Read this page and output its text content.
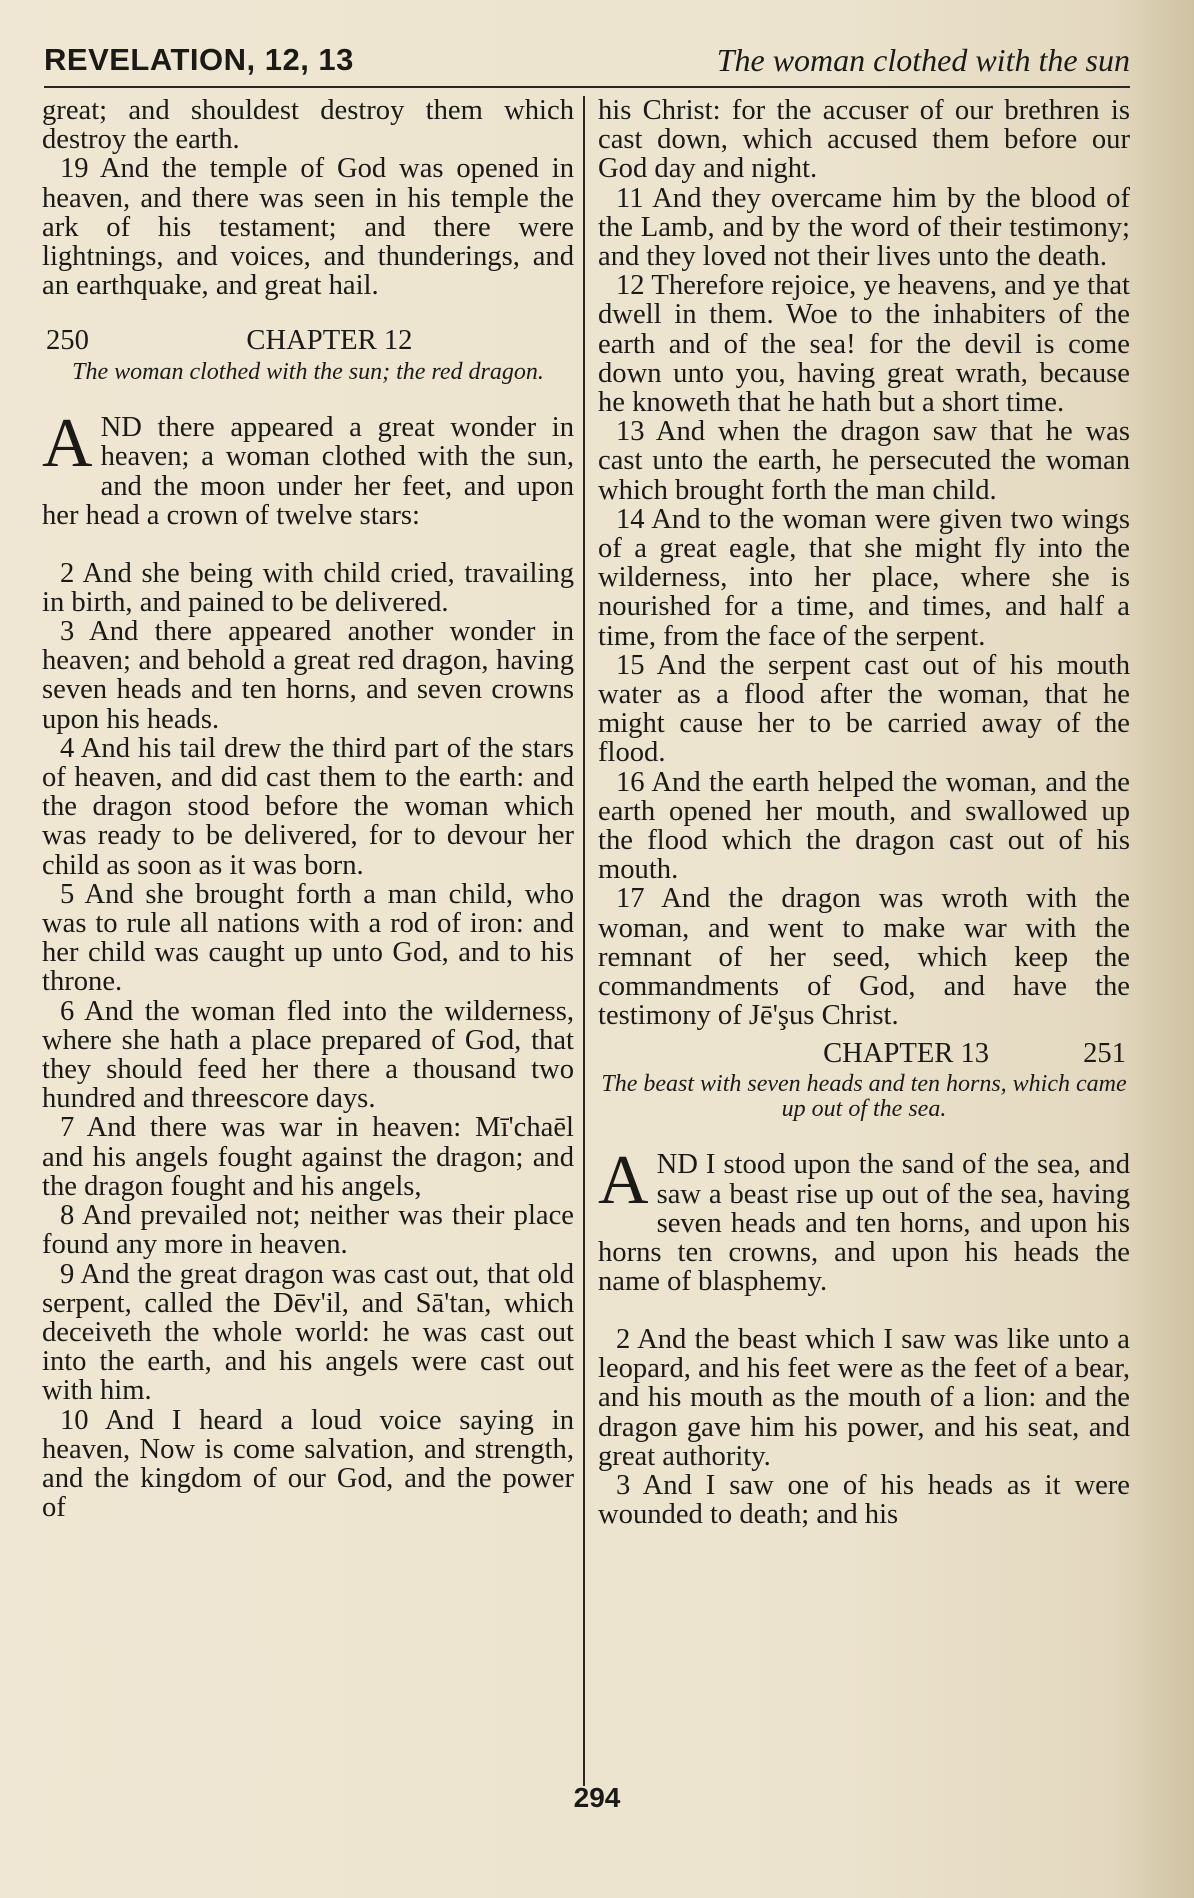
REVELATION, 12, 13	The woman clothed with the sun

great; and shouldest destroy them which destroy the earth.

19 And the temple of God was opened in heaven, and there was seen in his temple the ark of his testament; and there were lightnings, and voices, and thunderings, and an earthquake, and great hail.

250	CHAPTER 12
The woman clothed with the sun; the red dragon.

AND there appeared a great wonder in heaven; a woman clothed with the sun, and the moon under her feet, and upon her head a crown of twelve stars:

2 And she being with child cried, travailing in birth, and pained to be delivered.

3 And there appeared another wonder in heaven; and behold a great red dragon, having seven heads and ten horns, and seven crowns upon his heads.

4 And his tail drew the third part of the stars of heaven, and did cast them to the earth: and the dragon stood before the woman which was ready to be delivered, for to devour her child as soon as it was born.

5 And she brought forth a man child, who was to rule all nations with a rod of iron: and her child was caught up unto God, and to his throne.

6 And the woman fled into the wilderness, where she hath a place prepared of God, that they should feed her there a thousand two hundred and threescore days.

7 And there was war in heaven: Mī'chaēl and his angels fought against the dragon; and the dragon fought and his angels,

8 And prevailed not; neither was their place found any more in heaven.

9 And the great dragon was cast out, that old serpent, called the Dēv'il, and Sā'tan, which deceiveth the whole world: he was cast out into the earth, and his angels were cast out with him.

10 And I heard a loud voice saying in heaven, Now is come salvation, and strength, and the kingdom of our God, and the power of

his Christ: for the accuser of our brethren is cast down, which accused them before our God day and night.

11 And they overcame him by the blood of the Lamb, and by the word of their testimony; and they loved not their lives unto the death.

12 Therefore rejoice, ye heavens, and ye that dwell in them. Woe to the inhabiters of the earth and of the sea! for the devil is come down unto you, having great wrath, because he knoweth that he hath but a short time.

13 And when the dragon saw that he was cast unto the earth, he persecuted the woman which brought forth the man child.

14 And to the woman were given two wings of a great eagle, that she might fly into the wilderness, into her place, where she is nourished for a time, and times, and half a time, from the face of the serpent.

15 And the serpent cast out of his mouth water as a flood after the woman, that he might cause her to be carried away of the flood.

16 And the earth helped the woman, and the earth opened her mouth, and swallowed up the flood which the dragon cast out of his mouth.

17 And the dragon was wroth with the woman, and went to make war with the remnant of her seed, which keep the commandments of God, and have the testimony of Jē'şus Christ.

CHAPTER 13	251
The beast with seven heads and ten horns, which came up out of the sea.

AND I stood upon the sand of the sea, and saw a beast rise up out of the sea, having seven heads and ten horns, and upon his horns ten crowns, and upon his heads the name of blasphemy.

2 And the beast which I saw was like unto a leopard, and his feet were as the feet of a bear, and his mouth as the mouth of a lion: and the dragon gave him his power, and his seat, and great authority.

3 And I saw one of his heads as it were wounded to death; and his

294
